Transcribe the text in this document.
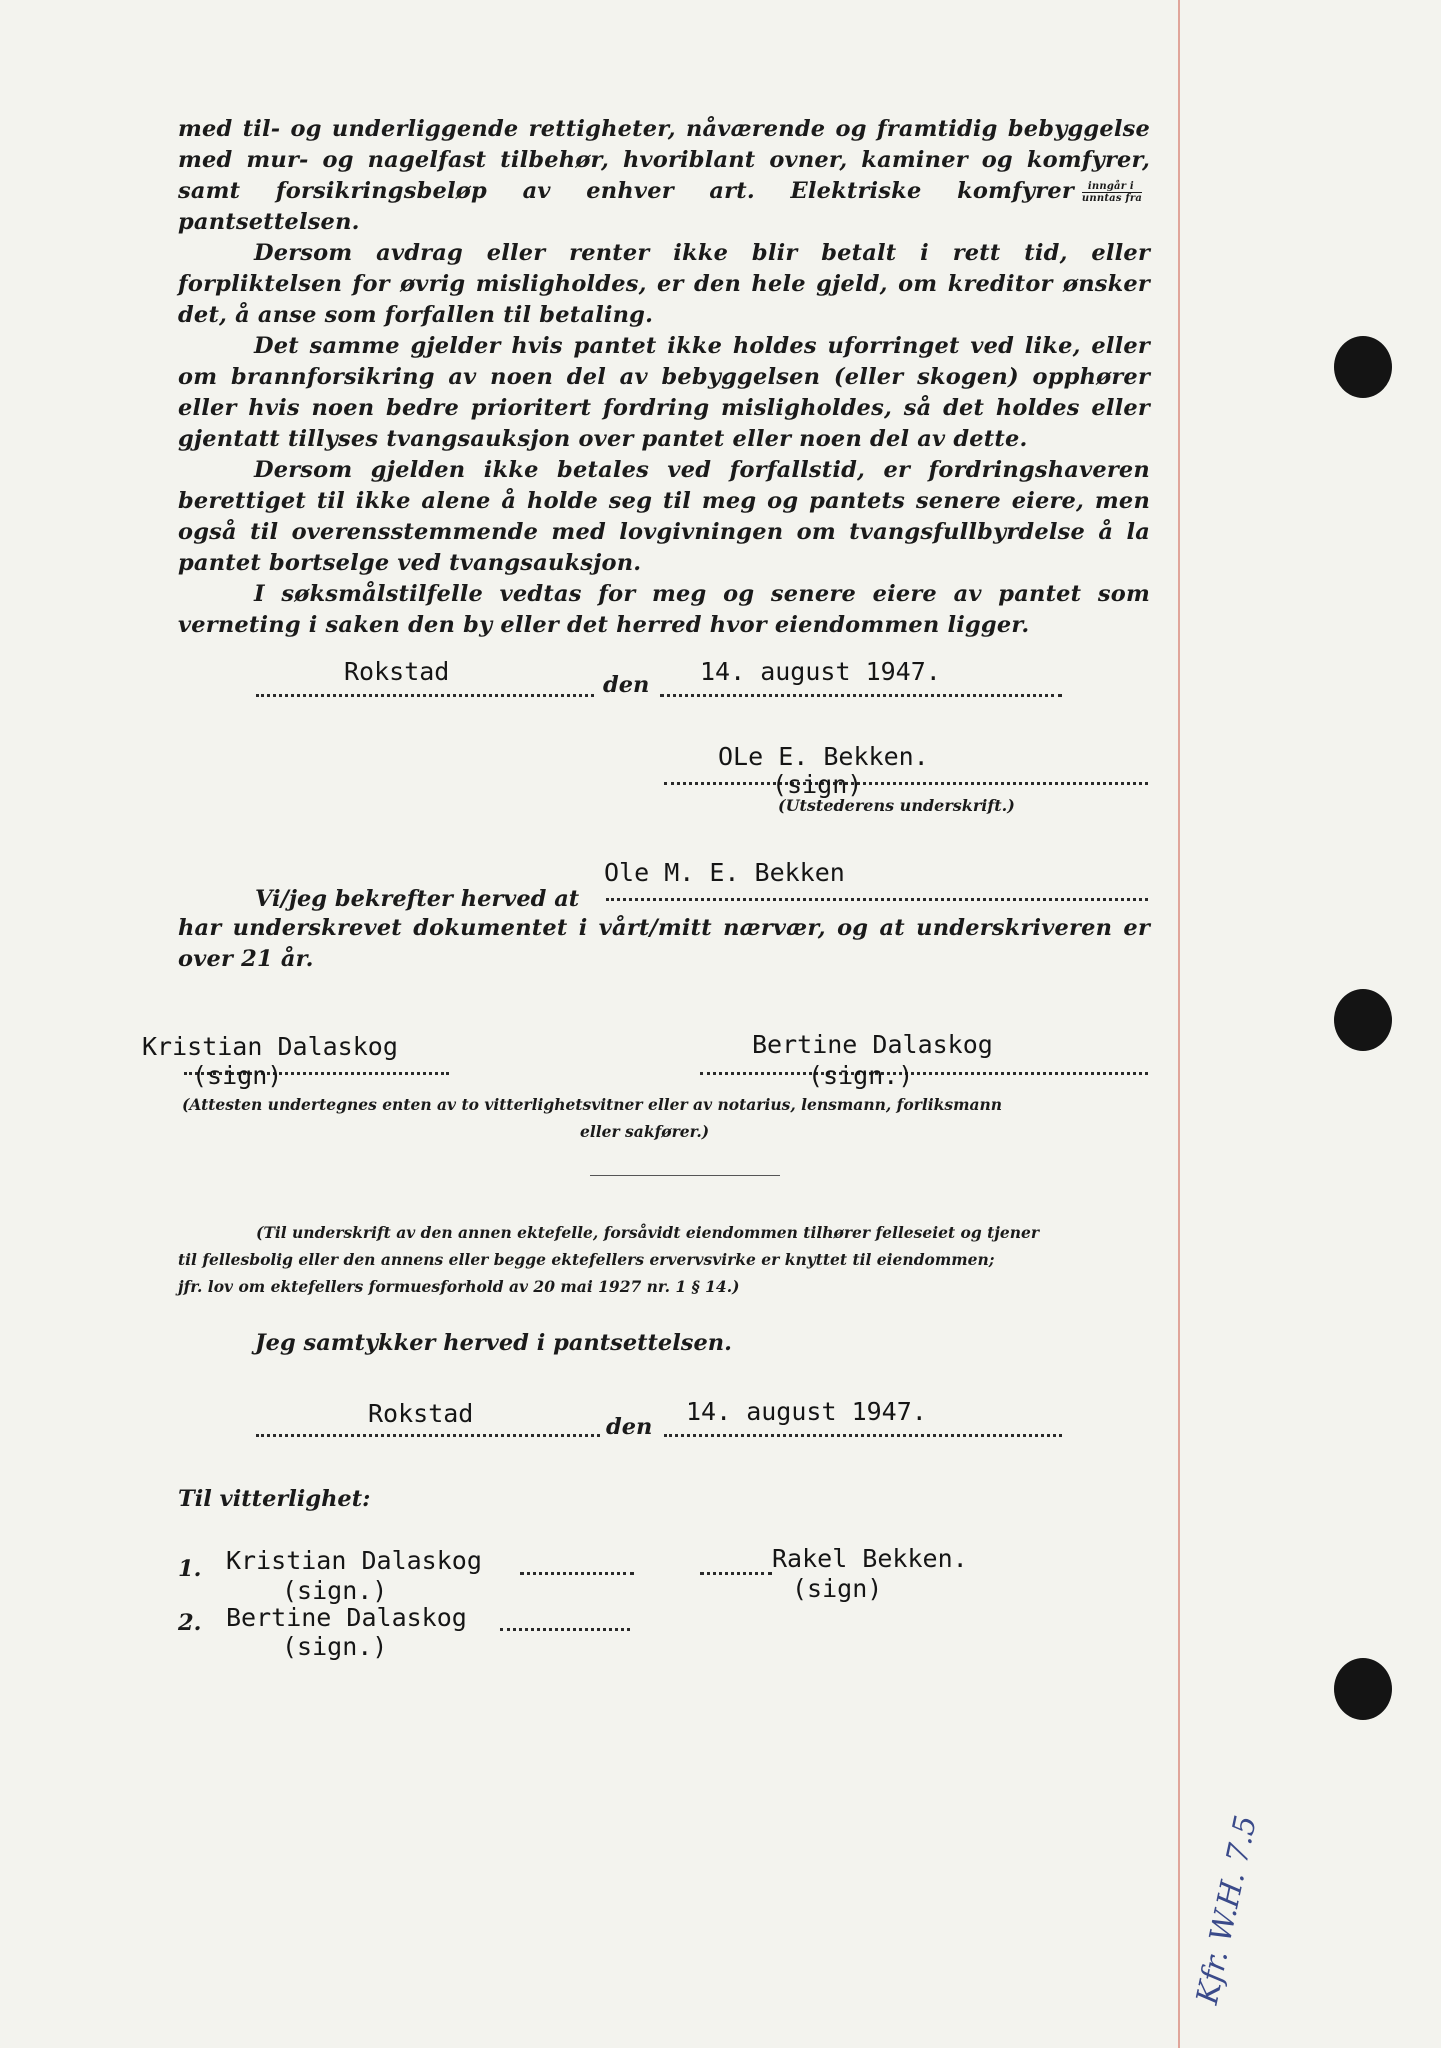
med til- og underliggende rettigheter, nåværende og framtidig bebyggelse med mur- og nagelfast tilbehør, hvoriblant ovner, kaminer og komfyrer, samt forsikringsbeløp av enhver art. Elektriske komfyrer $\frac{\text{inngår i}}{\text{unntas fra}}$
pantsettelsen.

Dersom avdrag eller renter ikke blir betalt i rett tid, eller forpliktelsen for øvrig misligholdes, er den hele gjeld, om kreditor ønsker det, å anse som forfallen til betaling.

Det samme gjelder hvis pantet ikke holdes uforringet ved like, eller om brannforsikring av noen del av bebyggelsen (eller skogen) opphører eller hvis noen bedre prioritert fordring misligholdes, så det holdes eller gjentatt tillyses tvangsauksjon over pantet eller noen del av dette.

Dersom gjelden ikke betales ved forfallstid, er fordringshaveren berettiget til ikke alene å holde seg til meg og pantets senere eiere, men også til overensstemmende med lovgivningen om tvangsfullbyrdelse å la pantet bortselge ved tvangsauksjon.

I søksmålstilfelle vedtas for meg og senere eiere av pantet som verneting i saken den by eller det herred hvor eiendommen ligger.

Rokstad	den 14. august 1947.
OLe E. Bekken.
(sign)
(Utstederens underskrift.)
Ole M. E. Bekken
Vi/jeg bekrefter herved at

har underskrevet dokumentet i vårt/mitt nærvær, og at underskriveren er over 21 år.

Kristian Dalaskog
(sign)
Bertine Dalaskog
(sign.)
(Attesten undertegnes enten av to vitterlighetsvitner eller av notarius, lensmann, forliksmann
eller sakfører.)
(Til underskrift av den annen ektefelle, forsåvidt eiendommen tilhører felleseiet og tjener
til fellesbolig eller den annens eller begge ektefellers ervervsvirke er knyttet til eiendommen;
jfr. lov om ektefellers formuesforhold av 20 mai 1927 nr. 1 § 14.)
Jeg samtykker herved i pantsettelsen.
Rokstad	den
14. august 1947.
Til vitterlighet:
1. Kristian Dalaskog
(sign.)
2. Bertine Dalaskog
(sign.)
Rakel Bekken.
(sign)
Kfr. W.H. 7.5
